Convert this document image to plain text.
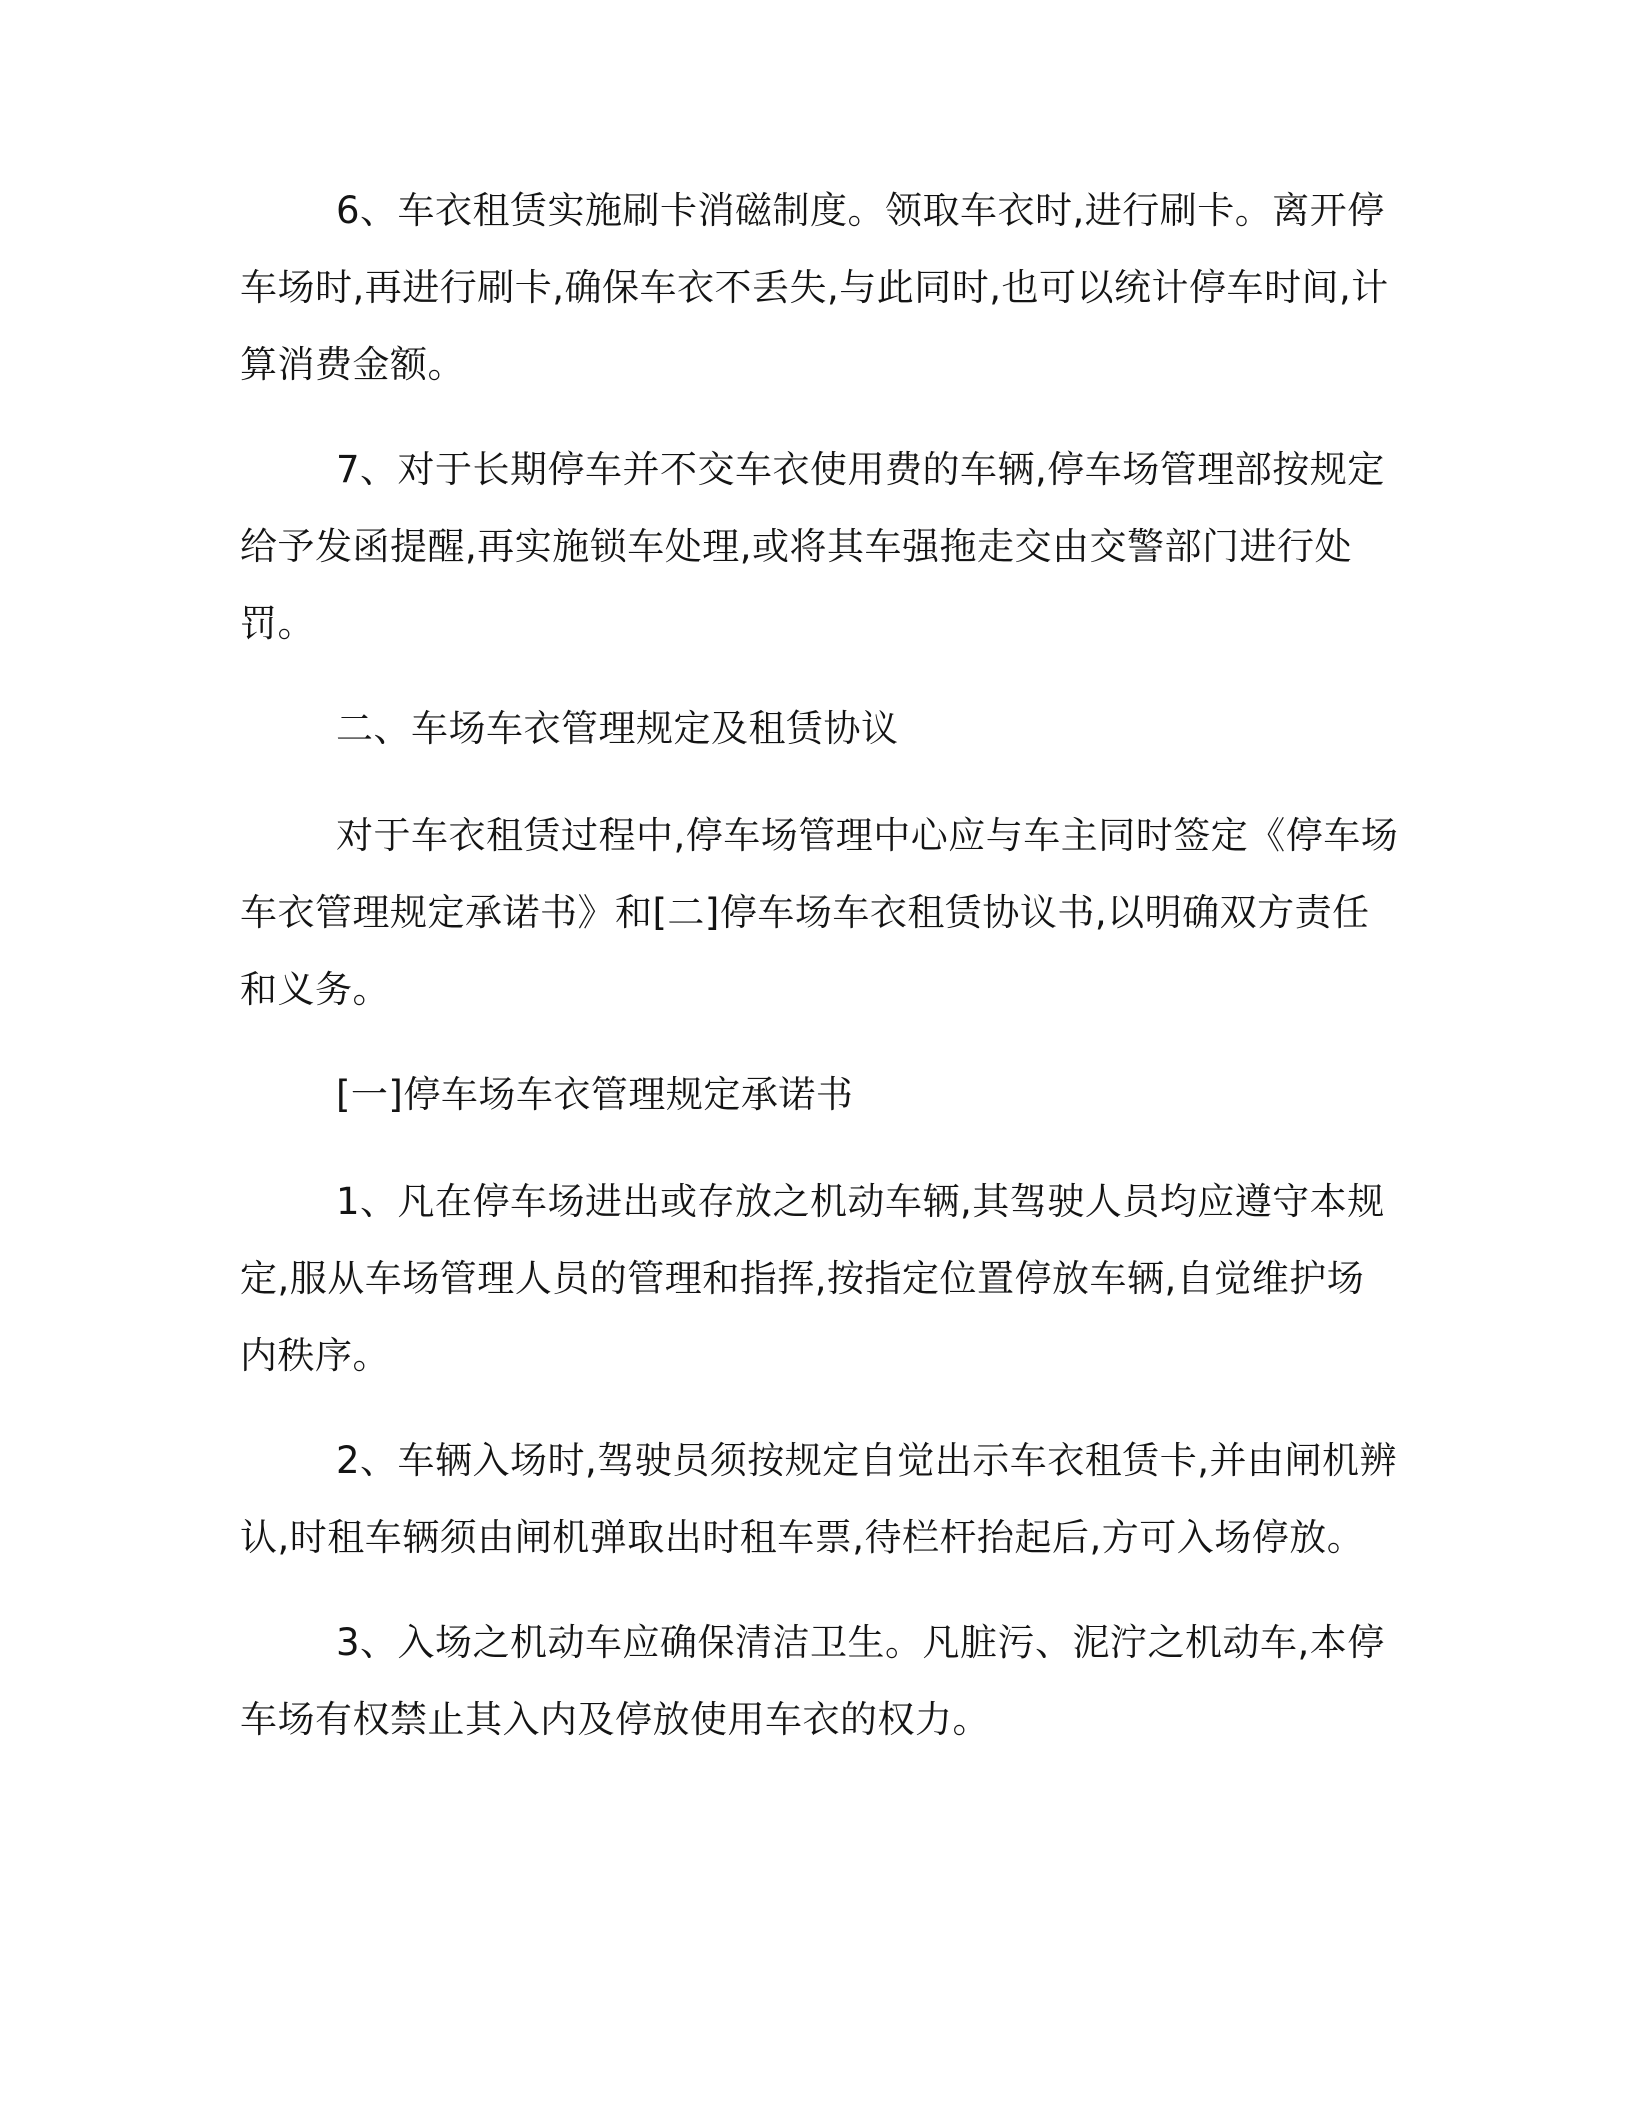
6、车衣租赁实施刷卡消磁制度。领取车衣时,进行刷卡。离开停车场时,再进行刷卡,确保车衣不丢失,与此同时,也可以统计停车时间,计算消费金额。

7、对于长期停车并不交车衣使用费的车辆,停车场管理部按规定给予发函提醒,再实施锁车处理,或将其车强拖走交由交警部门进行处罚。

二、车场车衣管理规定及租赁协议

对于车衣租赁过程中,停车场管理中心应与车主同时签定《停车场车衣管理规定承诺书》和[二]停车场车衣租赁协议书,以明确双方责任和义务。

[一]停车场车衣管理规定承诺书

1、凡在停车场进出或存放之机动车辆,其驾驶人员均应遵守本规定,服从车场管理人员的管理和指挥,按指定位置停放车辆,自觉维护场内秩序。

2、车辆入场时,驾驶员须按规定自觉出示车衣租赁卡,并由闸机辨认,时租车辆须由闸机弹取出时租车票,待栏杆抬起后,方可入场停放。

3、入场之机动车应确保清洁卫生。凡脏污、泥泞之机动车,本停车场有权禁止其入内及停放使用车衣的权力。
